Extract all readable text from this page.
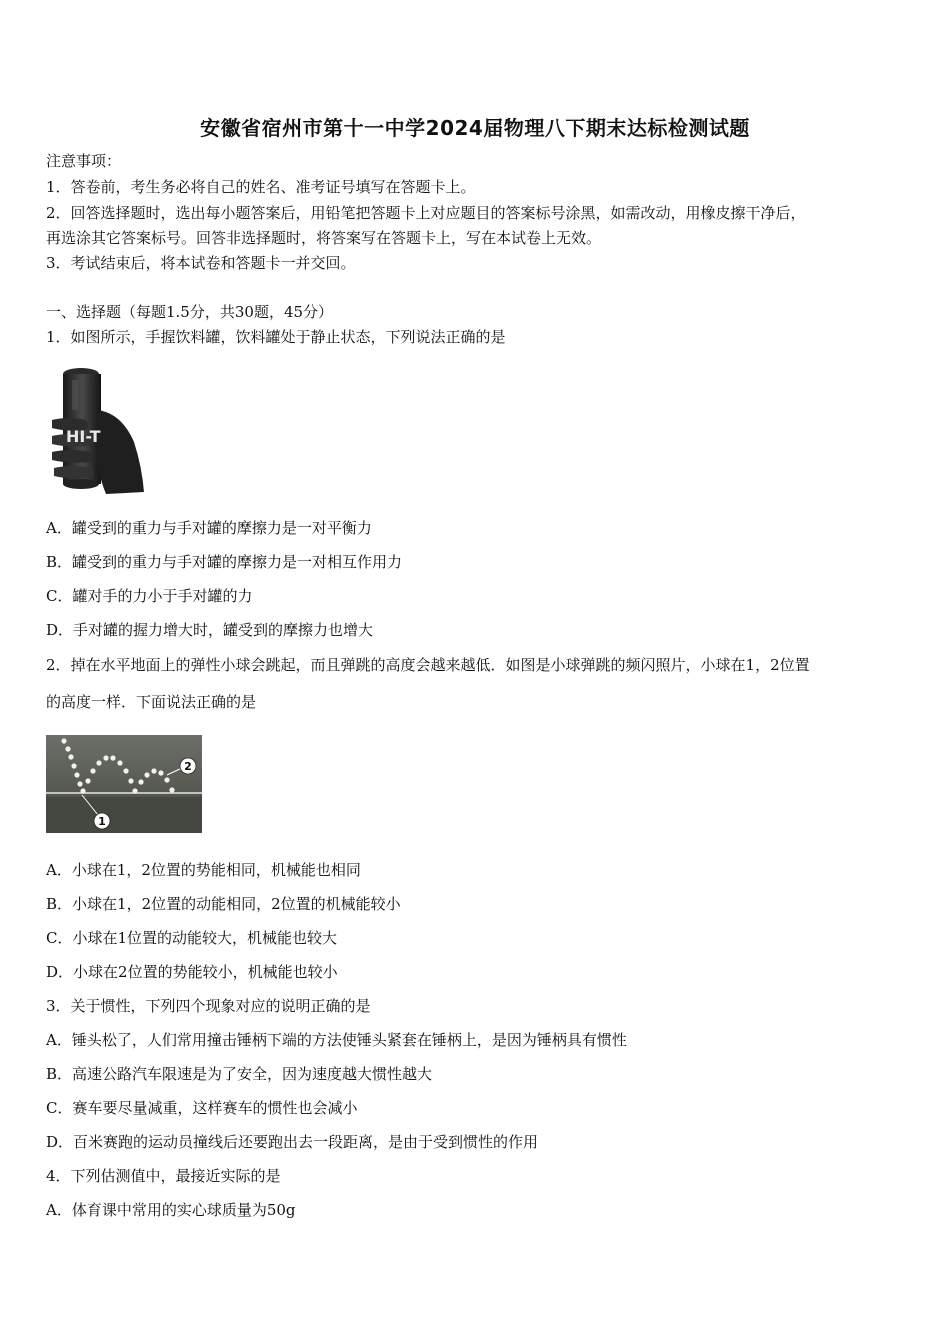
安徽省宿州市第十一中学2024届物理八下期末达标检测试题
注意事项：
1．答卷前，考生务必将自己的姓名、准考证号填写在答题卡上。
2．回答选择题时，选出每小题答案后，用铅笔把答题卡上对应题目的答案标号涂黑，如需改动，用橡皮擦干净后，
再选涂其它答案标号。回答非选择题时，将答案写在答题卡上，写在本试卷上无效。
3．考试结束后，将本试卷和答题卡一并交回。
一、选择题（每题1.5分，共30题，45分）
1．如图所示，手握饮料罐，饮料罐处于静止状态，下列说法正确的是
HI-T
A．罐受到的重力与手对罐的摩擦力是一对平衡力
B．罐受到的重力与手对罐的摩擦力是一对相互作用力
C．罐对手的力小于手对罐的力
D．手对罐的握力增大时，罐受到的摩擦力也增大
2．掉在水平地面上的弹性小球会跳起，而且弹跳的高度会越来越低．如图是小球弹跳的频闪照片，小球在1，2位置
的高度一样．下面说法正确的是
1
2
A．小球在1，2位置的势能相同，机械能也相同
B．小球在1，2位置的动能相同，2位置的机械能较小
C．小球在1位置的动能较大，机械能也较大
D．小球在2位置的势能较小，机械能也较小
3．关于惯性，下列四个现象对应的说明正确的是
A．锤头松了，人们常用撞击锤柄下端的方法使锤头紧套在锤柄上，是因为锤柄具有惯性
B．高速公路汽车限速是为了安全，因为速度越大惯性越大
C．赛车要尽量减重，这样赛车的惯性也会减小
D．百米赛跑的运动员撞线后还要跑出去一段距离，是由于受到惯性的作用
4．下列估测值中，最接近实际的是
A．体育课中常用的实心球质量为50g
